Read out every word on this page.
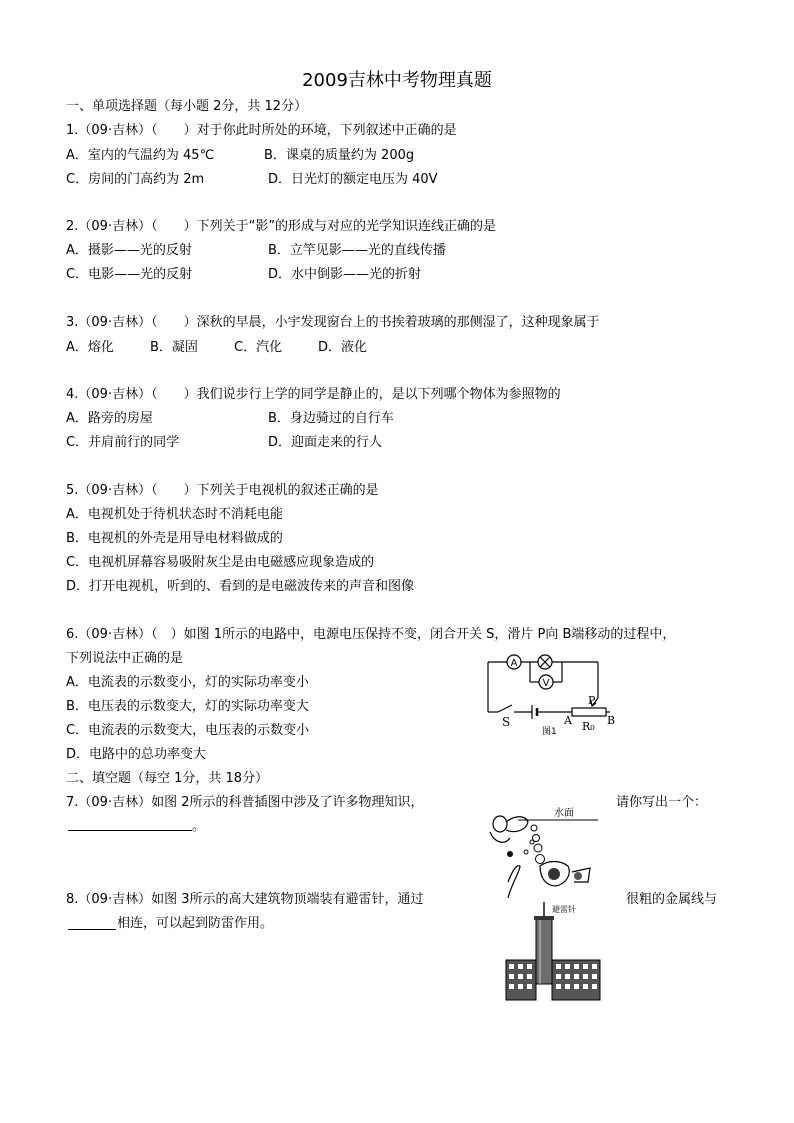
2009吉林中考物理真题
一、单项选择题（每小题 2分，共 12分）
1.（09·吉林）（　　）对于你此时所处的环境，下列叙述中正确的是
A．室内的气温约为 45℃	B．课桌的质量约为 200g
C．房间的门高约为 2m	D．日光灯的额定电压为 40V
2.（09·吉林）（　　）下列关于“影”的形成与对应的光学知识连线正确的是
A．摄影——光的反射	B．立竿见影——光的直线传播
C．电影——光的反射	D．水中倒影——光的折射
3.（09·吉林）（　　）深秋的早晨，小宇发现窗台上的书挨着玻璃的那侧湿了，这种现象属于
A．熔化	B．凝固	C．汽化	D．液化
4.（09·吉林）（　　）我们说步行上学的同学是静止的，是以下列哪个物体为参照物的
A．路旁的房屋	B．身边骑过的自行车
C．并肩前行的同学	D．迎面走来的行人
5.（09·吉林）（　　）下列关于电视机的叙述正确的是
A．电视机处于待机状态时不消耗电能
B．电视机的外壳是用导电材料做成的
C．电视机屏幕容易吸附灰尘是由电磁感应现象造成的
D．打开电视机，听到的、看到的是电磁波传来的声音和图像
6.（09·吉林）（　）如图 1所示的电路中，电源电压保持不变，闭合开关 S，滑片 P向 B端移动的过程中，
下列说法中正确的是
A．电流表的示数变小，灯的实际功率变小
B．电压表的示数变大，灯的实际功率变大
C．电流表的示数变大，电压表的示数变小
D．电路中的总功率变大
A
V
S
P
A	B
R₀
图1
二、填空题（每空 1分，共 18分）
7.（09·吉林）如图 2所示的科普插图中涉及了许多物理知识，	请你写出一个：
。
水面
8.（09·吉林）如图 3所示的高大建筑物顶端装有避雷针，通过	很粗的金属线与
相连，可以起到防雷作用。
避雷针
